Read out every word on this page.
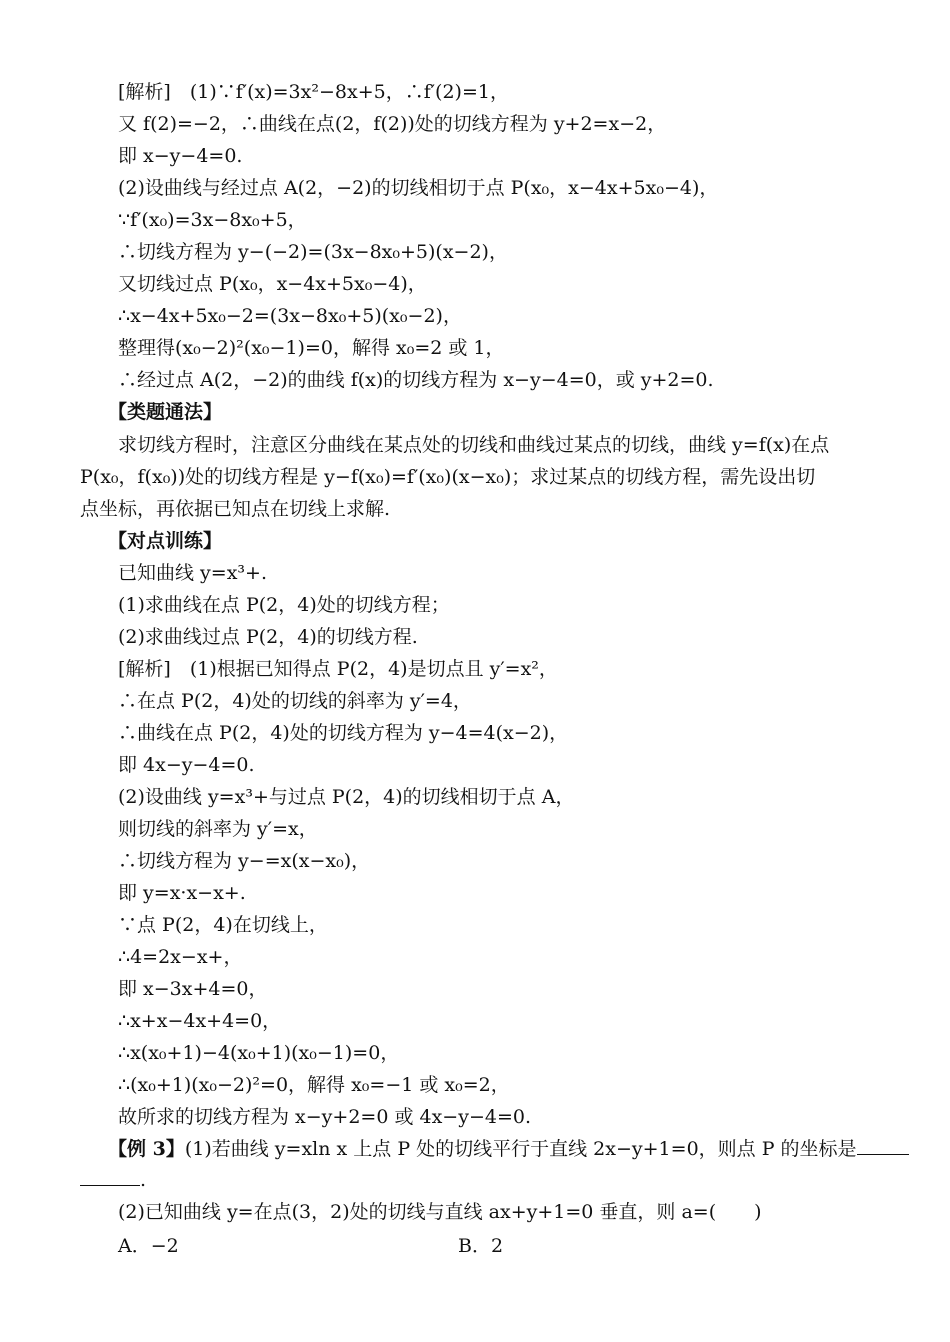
[解析]　(1)∵f′(x)=3x²−8x+5，∴f′(2)=1，
又 f(2)=−2，∴曲线在点(2，f(2))处的切线方程为 y+2=x−2，
即 x−y−4=0.
(2)设曲线与经过点 A(2，−2)的切线相切于点 P(x₀，x−4x+5x₀−4)，
∵f′(x₀)=3x−8x₀+5，
∴切线方程为 y−(−2)=(3x−8x₀+5)(x−2)，
又切线过点 P(x₀，x−4x+5x₀−4)，
∴x−4x+5x₀−2=(3x−8x₀+5)(x₀−2)，
整理得(x₀−2)²(x₀−1)=0，解得 x₀=2 或 1，
∴经过点 A(2，−2)的曲线 f(x)的切线方程为 x−y−4=0，或 y+2=0.
【类题通法】
求切线方程时，注意区分曲线在某点处的切线和曲线过某点的切线，曲线 y=f(x)在点
P(x₀，f(x₀))处的切线方程是 y−f(x₀)=f′(x₀)(x−x₀)；求过某点的切线方程，需先设出切
点坐标，再依据已知点在切线上求解.
【对点训练】
已知曲线 y=x³+.
(1)求曲线在点 P(2，4)处的切线方程；
(2)求曲线过点 P(2，4)的切线方程.
[解析]　(1)根据已知得点 P(2，4)是切点且 y′=x²，
∴在点 P(2，4)处的切线的斜率为 y′=4，
∴曲线在点 P(2，4)处的切线方程为 y−4=4(x−2)，
即 4x−y−4=0.
(2)设曲线 y=x³+与过点 P(2，4)的切线相切于点 A，
则切线的斜率为 y′=x，
∴切线方程为 y−=x(x−x₀)，
即 y=x·x−x+.
∵点 P(2，4)在切线上，
∴4=2x−x+，
即 x−3x+4=0，
∴x+x−4x+4=0，
∴x(x₀+1)−4(x₀+1)(x₀−1)=0，
∴(x₀+1)(x₀−2)²=0，解得 x₀=−1 或 x₀=2，
故所求的切线方程为 x−y+2=0 或 4x−y−4=0.
【例 3】(1)若曲线 y=xln x 上点 P 处的切线平行于直线 2x−y+1=0，则点 P 的坐标是
.
(2)已知曲线 y=在点(3，2)处的切线与直线 ax+y+1=0 垂直，则 a=(　　)
A．−2	B．2
